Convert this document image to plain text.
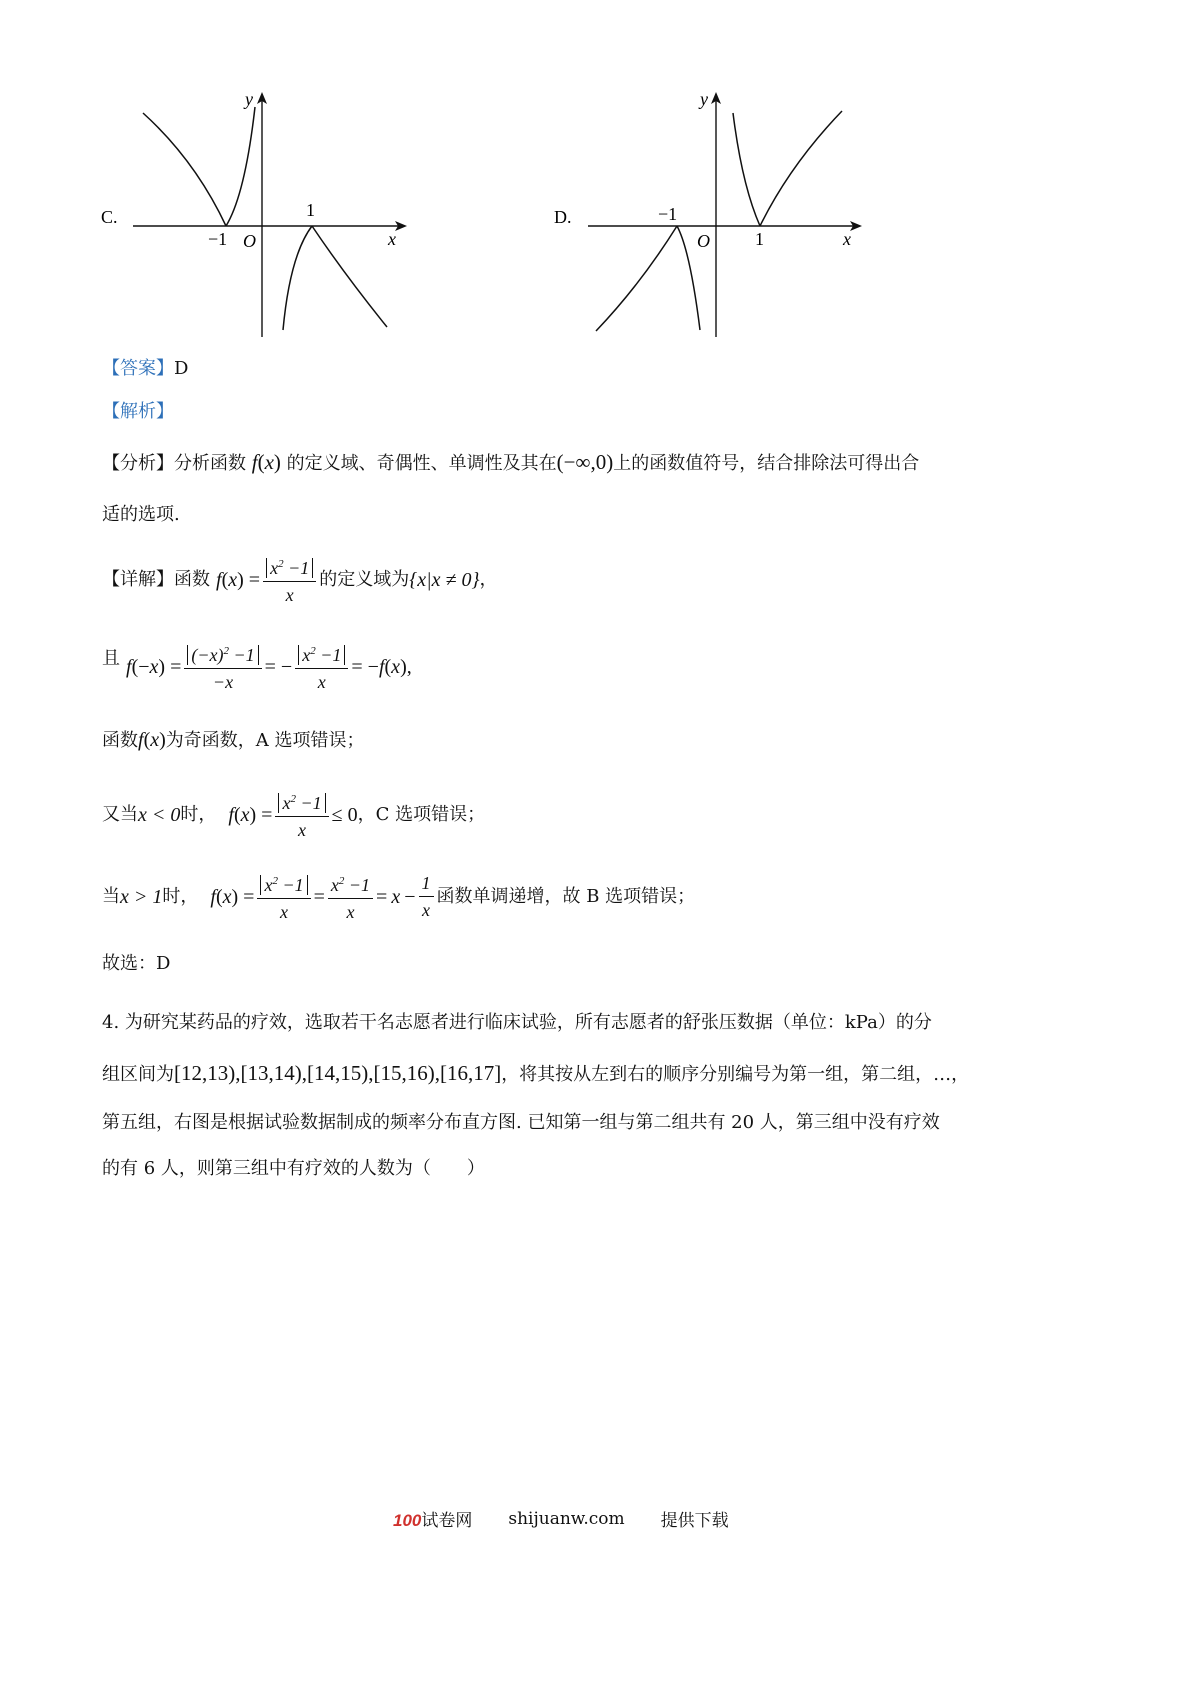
C.
y
x
O
−1
1	D.
y
x
O
−1
1
【答案】D
【解析】
【分析】分析函数 f(x) 的定义域、奇偶性、单调性及其在(−∞,0)上的函数值符号，结合排除法可得出合
适的选项.
【详解】 函数 f ( x ) = $\frac{x^2 -1}{x}$ 的定义域为 {x|x ≠ 0} ，
且 f (− x ) = $\frac{(-x)^2 -1}{-x}$ = − $\frac{x^2 -1}{x}$ = − f ( x ),
函数f(x)为奇函数，A 选项错误；
又当 x < 0 时， f ( x ) = $\frac{x^2 -1}{x} \le 0$ ，C 选项错误；
当 x > 1 时， f ( x ) = $\frac{x^2 -1}{x} = \frac{x^2 -1}{x} = x - \frac{1}{x}$ 函数单调递增，故 B 选项错误；
故选：D
4. 为研究某药品的疗效，选取若干名志愿者进行临床试验，所有志愿者的舒张压数据（单位：kPa）的分
组区间为[12,13),[13,14),[14,15),[15,16),[16,17]，将其按从左到右的顺序分别编号为第一组，第二组，…，
第五组，右图是根据试验数据制成的频率分布直方图. 已知第一组与第二组共有 20 人，第三组中没有疗效
的有 6 人，则第三组中有疗效的人数为（　　）
100试卷网 shijuanw.com 提供下载
